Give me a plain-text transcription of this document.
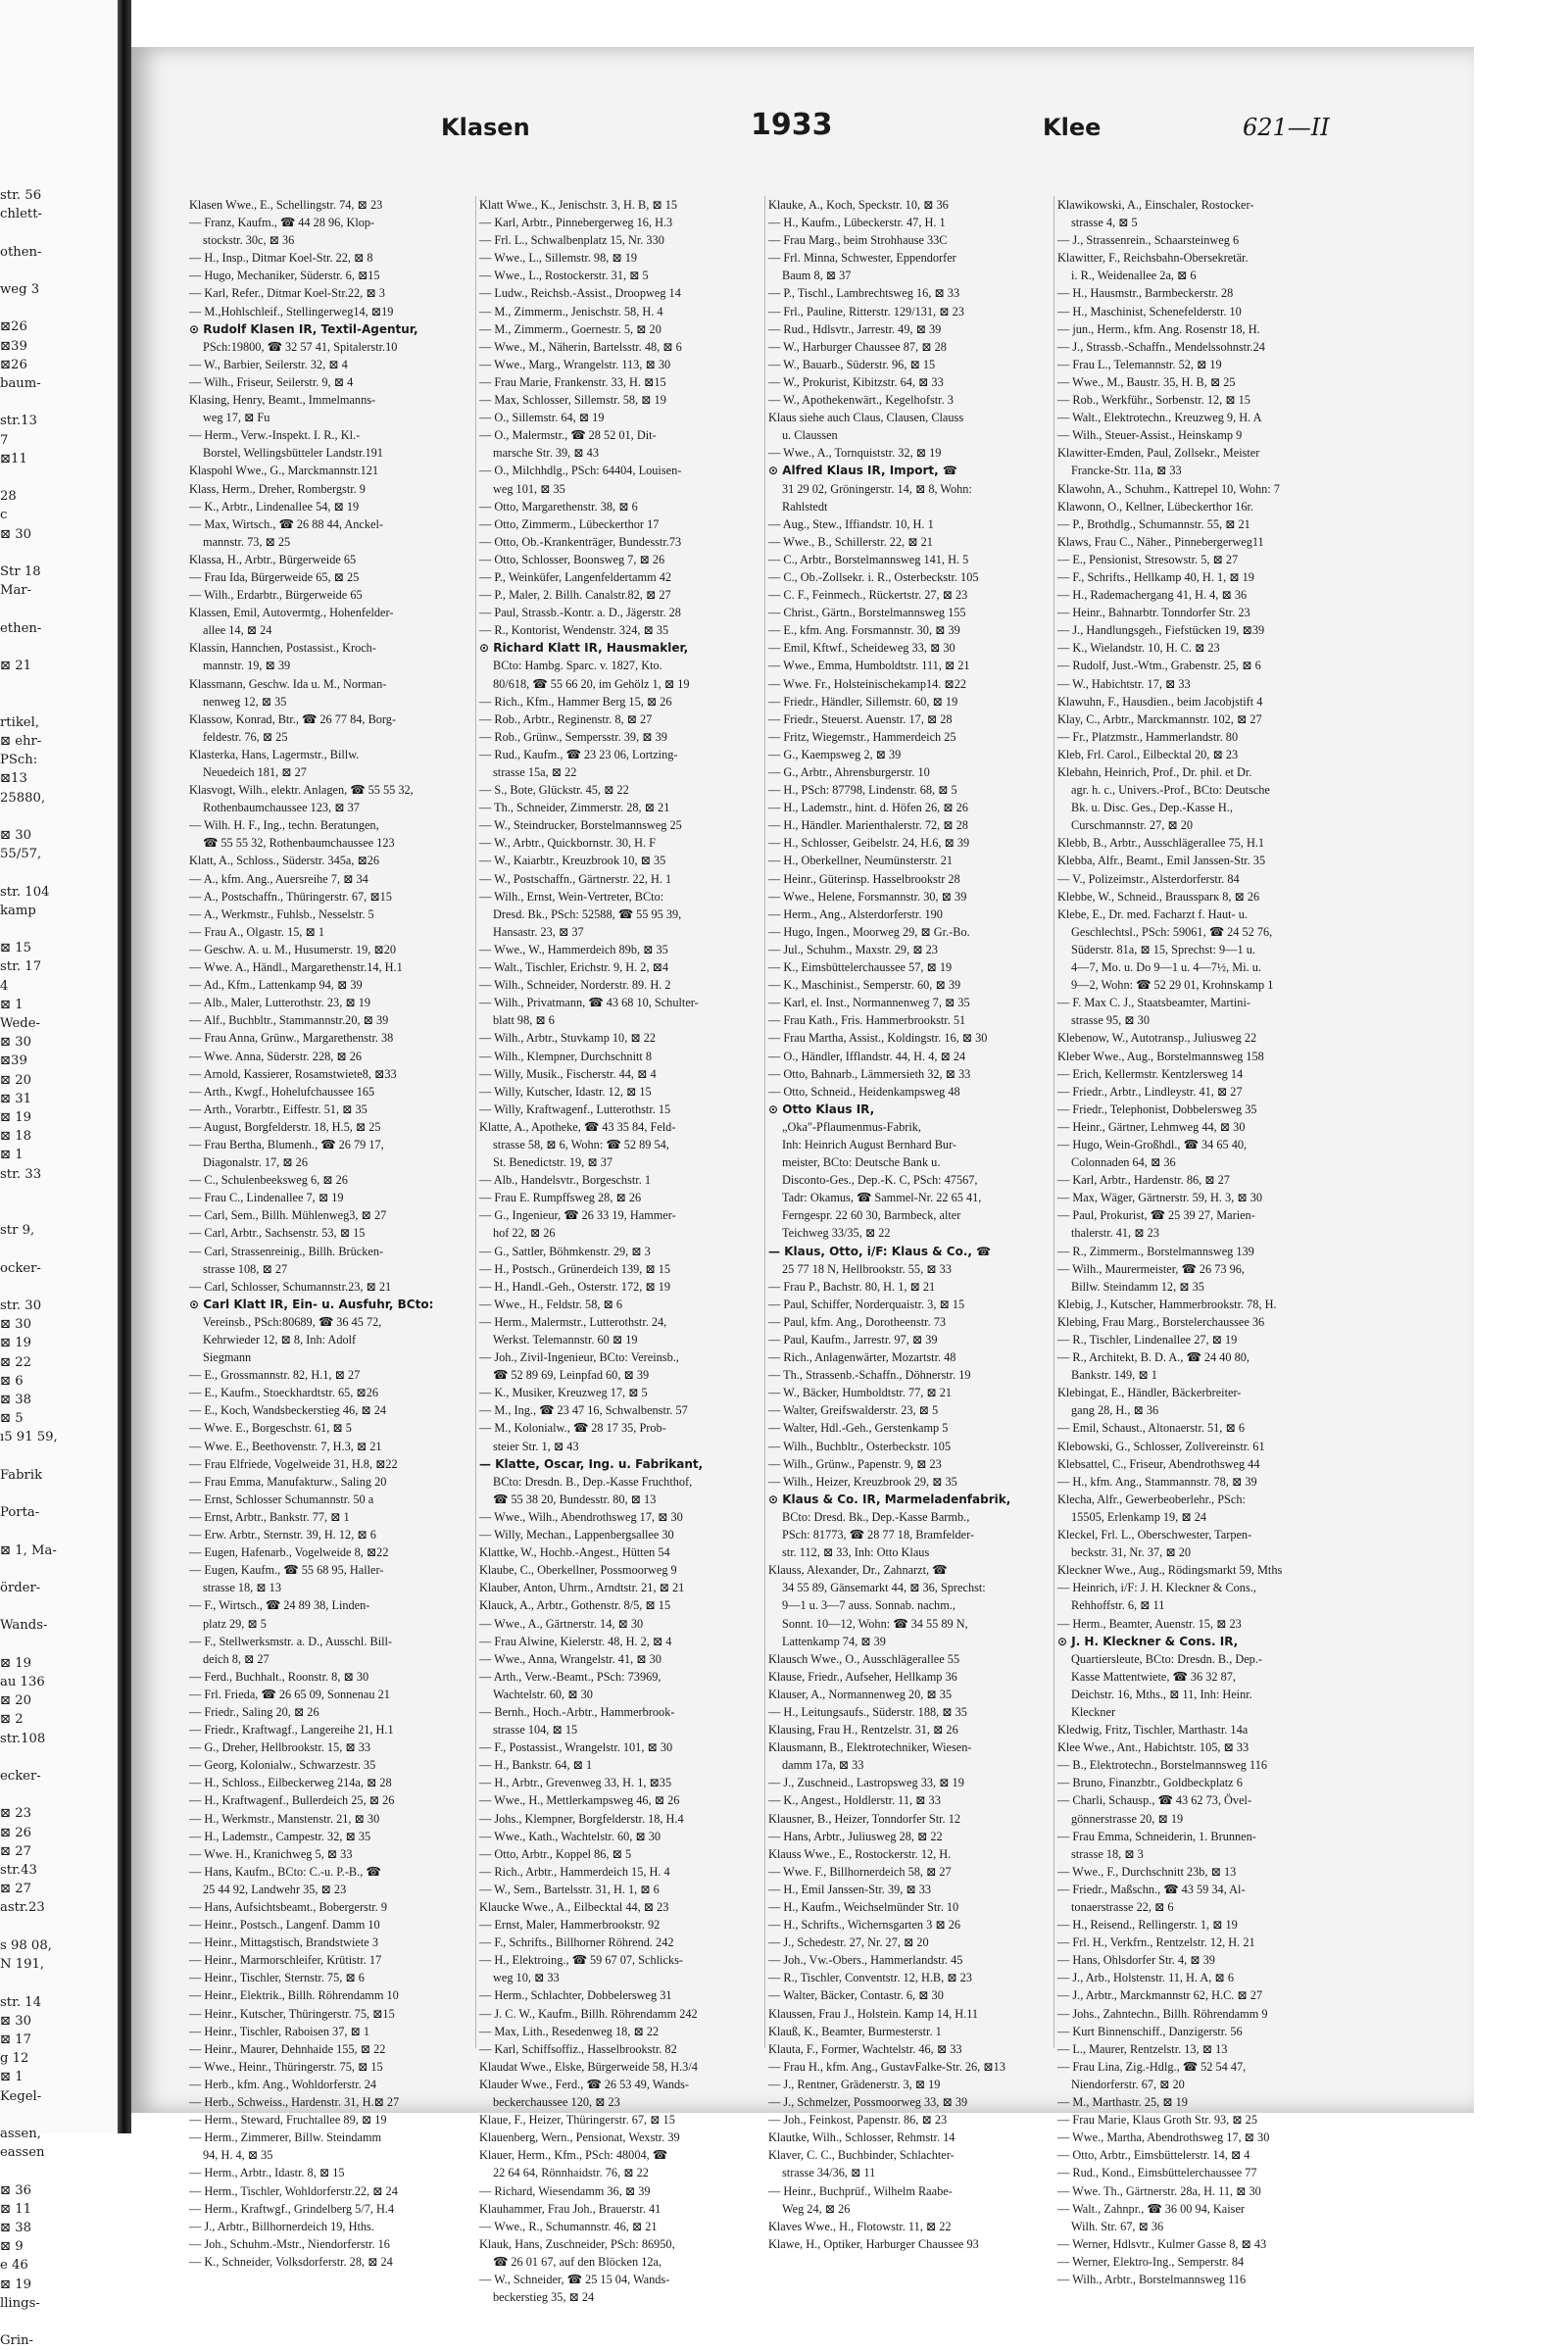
str. 56
chlett-

othen-

weg 3

⊠26
⊠39
⊠26
baum-

str.13
7
⊠11

28
c
⊠ 30

Str 18
Mar-

ethen-

⊠ 21

rtikel,
⊠ ehr-
PSch:
⊠13
25880,

⊠ 30
55/57,

str. 104
kamp

⊠ 15
str. 17
4
⊠ 1
Wede-
⊠ 30
⊠39
⊠ 20
⊠ 31
⊠ 19
⊠ 18
⊠ 1
str. 33

str 9,

ocker-

str. 30
⊠ 30
⊠ 19
⊠ 22
⊠ 6
⊠ 38
⊠ 5
ı5 91 59,

Fabrik

Porta-

⊠ 1, Ma-

örder-

Wands-

⊠ 19
au 136
⊠ 20
⊠ 2
str.108

ecker-

⊠ 23
⊠ 26
⊠ 27
str.43
⊠ 27
astr.23

s 98 08,
N 191,

str. 14
⊠ 30
⊠ 17
g 12
⊠ 1
Kegel-

assen,
eassen

⊠ 36
⊠ 11
⊠ 38
⊠ 9
e 46
⊠ 19
llings-

Grin-
Klasen	1933	Klee	621—II
Klasen Wwe., E., Schellingstr. 74, ⊠ 23
— Franz, Kaufm., ☎ 44 28 96, Klop-
stockstr. 30c, ⊠ 36
— H., Insp., Ditmar Koel-Str. 22, ⊠ 8
— Hugo, Mechaniker, Süderstr. 6, ⊠15
— Karl, Refer., Ditmar Koel-Str.22, ⊠ 3
— M.,Hohlschleif., Stellingerweg14, ⊠19
⊙ Rudolf Klasen IR, Textil-Agentur,
PSch:19800, ☎ 32 57 41, Spitalerstr.10
— W., Barbier, Seilerstr. 32, ⊠ 4
— Wilh., Friseur, Seilerstr. 9, ⊠ 4
Klasing, Henry, Beamt., Immelmanns-
weg 17, ⊠ Fu
— Herm., Verw.-Inspekt. I. R., Kl.-
Borstel, Wellingsbütteler Landstr.191
Klaspohl Wwe., G., Marckmannstr.121
Klass, Herm., Dreher, Rombergstr. 9
— K., Arbtr., Lindenallee 54, ⊠ 19
— Max, Wirtsch., ☎ 26 88 44, Anckel-
mannstr. 73, ⊠ 25
Klassa, H., Arbtr., Bürgerweide 65
— Frau Ida, Bürgerweide 65, ⊠ 25
— Wilh., Erdarbtr., Bürgerweide 65
Klassen, Emil, Autovermtg., Hohenfelder-
allee 14, ⊠ 24
Klassin, Hannchen, Postassist., Kroch-
mannstr. 19, ⊠ 39
Klassmann, Geschw. Ida u. M., Norman-
nenweg 12, ⊠ 35
Klassow, Konrad, Btr., ☎ 26 77 84, Borg-
feldestr. 76, ⊠ 25
Klasterka, Hans, Lagermstr., Billw.
Neuedeich 181, ⊠ 27
Klasvogt, Wilh., elektr. Anlagen, ☎ 55 55 32,
Rothenbaumchaussee 123, ⊠ 37
— Wilh. H. F., Ing., techn. Beratungen,
☎ 55 55 32, Rothenbaumchaussee 123
Klatt, A., Schloss., Süderstr. 345a, ⊠26
— A., kfm. Ang., Auersreihe 7, ⊠ 34
— A., Postschaffn., Thüringerstr. 67, ⊠15
— A., Werkmstr., Fuhlsb., Nesselstr. 5
— Frau A., Olgastr. 15, ⊠ 1
— Geschw. A. u. M., Husumerstr. 19, ⊠20
— Wwe. A., Händl., Margarethenstr.14, H.1
— Ad., Kfm., Lattenkamp 94, ⊠ 39
— Alb., Maler, Lutterothstr. 23, ⊠ 19
— Alf., Buchbltr., Stammannstr.20, ⊠ 39
— Frau Anna, Grünw., Margarethenstr. 38
— Wwe. Anna, Süderstr. 228, ⊠ 26
— Arnold, Kassierer, Rosamstwiete8, ⊠33
— Arth., Kwgf., Hohelufchaussee 165
— Arth., Vorarbtr., Eiffestr. 51, ⊠ 35
— August, Borgfelderstr. 18, H.5, ⊠ 25
— Frau Bertha, Blumenh., ☎ 26 79 17,
Diagonalstr. 17, ⊠ 26
— C., Schulenbeeksweg 6, ⊠ 26
— Frau C., Lindenallee 7, ⊠ 19
— Carl, Sem., Billh. Mühlenweg3, ⊠ 27
— Carl, Arbtr., Sachsenstr. 53, ⊠ 15
— Carl, Strassenreinig., Billh. Brücken-
strasse 108, ⊠ 27
— Carl, Schlosser, Schumannstr.23, ⊠ 21
⊙ Carl Klatt IR, Ein- u. Ausfuhr, BCto:
Vereinsb., PSch:80689, ☎ 36 45 72,
Kehrwieder 12, ⊠ 8, Inh: Adolf
Siegmann
— E., Grossmannstr. 82, H.1, ⊠ 27
— E., Kaufm., Stoeckhardtstr. 65, ⊠26
— E., Koch, Wandsbeckerstieg 46, ⊠ 24
— Wwe. E., Borgeschstr. 61, ⊠ 5
— Wwe. E., Beethovenstr. 7, H.3, ⊠ 21
— Frau Elfriede, Vogelweide 31, H.8, ⊠22
— Frau Emma, Manufakturw., Saling 20
— Ernst, Schlosser Schumannstr. 50 a
— Ernst, Arbtr., Bankstr. 77, ⊠ 1
— Erw. Arbtr., Sternstr. 39, H. 12, ⊠ 6
— Eugen, Hafenarb., Vogelweide 8, ⊠22
— Eugen, Kaufm., ☎ 55 68 95, Haller-
strasse 18, ⊠ 13
— F., Wirtsch., ☎ 24 89 38, Linden-
platz 29, ⊠ 5
— F., Stellwerksmstr. a. D., Ausschl. Bill-
deich 8, ⊠ 27
— Ferd., Buchhalt., Roonstr. 8, ⊠ 30
— Frl. Frieda, ☎ 26 65 09, Sonnenau 21
— Friedr., Saling 20, ⊠ 26
— Friedr., Kraftwagf., Langereihe 21, H.1
— G., Dreher, Hellbrookstr. 15, ⊠ 33
— Georg, Kolonialw., Schwarzestr. 35
— H., Schloss., Eilbeckerweg 214a, ⊠ 28
— H., Kraftwagenf., Bullerdeich 25, ⊠ 26
— H., Werkmstr., Manstenstr. 21, ⊠ 30
— H., Lademstr., Campestr. 32, ⊠ 35
— Wwe. H., Kranichweg 5, ⊠ 33
— Hans, Kaufm., BCto: C.-u. P.-B., ☎
25 44 92, Landwehr 35, ⊠ 23
— Hans, Aufsichtsbeamt., Bobergerstr. 9
— Heinr., Postsch., Langenf. Damm 10
— Heinr., Mittagstisch, Brandstwiete 3
— Heinr., Marmorschleifer, Krütistr. 17
— Heinr., Tischler, Sternstr. 75, ⊠ 6
— Heinr., Elektrik., Billh. Röhrendamm 10
— Heinr., Kutscher, Thüringerstr. 75, ⊠15
— Heinr., Tischler, Raboisen 37, ⊠ 1
— Heinr., Maurer, Dehnhaide 155, ⊠ 22
— Wwe., Heinr., Thüringerstr. 75, ⊠ 15
— Herb., kfm. Ang., Wohldorferstr. 24
— Herb., Schweiss., Hardenstr. 31, H.⊠ 27
— Herm., Steward, Fruchtallee 89, ⊠ 19
— Herm., Zimmerer, Billw. Steindamm
94, H. 4, ⊠ 35
— Herm., Arbtr., Idastr. 8, ⊠ 15
— Herm., Tischler, Wohldorferstr.22, ⊠ 24
— Herm., Kraftwgf., Grindelberg 5/7, H.4
— J., Arbtr., Billhornerdeich 19, Hths.
— Joh., Schuhm.-Mstr., Niendorferstr. 16
— K., Schneider, Volksdorferstr. 28, ⊠ 24
Klatt Wwe., K., Jenischstr. 3, H. B, ⊠ 15
— Karl, Arbtr., Pinnebergerweg 16, H.3
— Frl. L., Schwalbenplatz 15, Nr. 330
— Wwe., L., Sillemstr. 98, ⊠ 19
— Wwe., L., Rostockerstr. 31, ⊠ 5
— Ludw., Reichsb.-Assist., Droopweg 14
— M., Zimmerm., Jenischstr. 58, H. 4
— M., Zimmerm., Goernestr. 5, ⊠ 20
— Wwe., M., Näherin, Bartelsstr. 48, ⊠ 6
— Wwe., Marg., Wrangelstr. 113, ⊠ 30
— Frau Marie, Frankenstr. 33, H. ⊠15
— Max, Schlosser, Sillemstr. 58, ⊠ 19
— O., Sillemstr. 64, ⊠ 19
— O., Malermstr., ☎ 28 52 01, Dit-
marsche Str. 39, ⊠ 43
— O., Milchhdlg., PSch: 64404, Louisen-
weg 101, ⊠ 35
— Otto, Margarethenstr. 38, ⊠ 6
— Otto, Zimmerm., Lübeckerthor 17
— Otto, Ob.-Krankenträger, Bundesstr.73
— Otto, Schlosser, Boonsweg 7, ⊠ 26
— P., Weinküfer, Langenfeldertamm 42
— P., Maler, 2. Billh. Canalstr.82, ⊠ 27
— Paul, Strassb.-Kontr. a. D., Jägerstr. 28
— R., Kontorist, Wendenstr. 324, ⊠ 35
⊙ Richard Klatt IR, Hausmakler,
BCto: Hambg. Sparc. v. 1827, Kto.
80/618, ☎ 55 66 20, im Gehölz 1, ⊠ 19
— Rich., Kfm., Hammer Berg 15, ⊠ 26
— Rob., Arbtr., Reginenstr. 8, ⊠ 27
— Rob., Grünw., Sempersstr. 39, ⊠ 39
— Rud., Kaufm., ☎ 23 23 06, Lortzing-
strasse 15a, ⊠ 22
— S., Bote, Glückstr. 45, ⊠ 22
— Th., Schneider, Zimmerstr. 28, ⊠ 21
— W., Steindrucker, Borstelmannsweg 25
— W., Arbtr., Quickbornstr. 30, H. F
— W., Kaiarbtr., Kreuzbrook 10, ⊠ 35
— W., Postschaffn., Gärtnerstr. 22, H. 1
— Wilh., Ernst, Wein-Vertreter, BCto:
Dresd. Bk., PSch: 52588, ☎ 55 95 39,
Hansastr. 23, ⊠ 37
— Wwe., W., Hammerdeich 89b, ⊠ 35
— Walt., Tischler, Erichstr. 9, H. 2, ⊠4
— Wilh., Schneider, Norderstr. 89. H. 2
— Wilh., Privatmann, ☎ 43 68 10, Schulter-
blatt 98, ⊠ 6
— Wilh., Arbtr., Stuvkamp 10, ⊠ 22
— Wilh., Klempner, Durchschnitt 8
— Willy, Musik., Fischerstr. 44, ⊠ 4
— Willy, Kutscher, Idastr. 12, ⊠ 15
— Willy, Kraftwagenf., Lutterothstr. 15
Klatte, A., Apotheke, ☎ 43 35 84, Feld-
strasse 58, ⊠ 6, Wohn: ☎ 52 89 54,
St. Benedictstr. 19, ⊠ 37
— Alb., Handelsvtr., Borgeschstr. 1
— Frau E. Rumpffsweg 28, ⊠ 26
— G., Ingenieur, ☎ 26 33 19, Hammer-
hof 22, ⊠ 26
— G., Sattler, Böhmkenstr. 29, ⊠ 3
— H., Postsch., Grünerdeich 139, ⊠ 15
— H., Handl.-Geh., Osterstr. 172, ⊠ 19
— Wwe., H., Feldstr. 58, ⊠ 6
— Herm., Malermstr., Lutterothstr. 24,
Werkst. Telemannstr. 60 ⊠ 19
— Joh., Zivil-Ingenieur, BCto: Vereinsb.,
☎ 52 89 69, Leinpfad 60, ⊠ 39
— K., Musiker, Kreuzweg 17, ⊠ 5
— M., Ing., ☎ 23 47 16, Schwalbenstr. 57
— M., Kolonialw., ☎ 28 17 35, Prob-
steier Str. 1, ⊠ 43
— Klatte, Oscar, Ing. u. Fabrikant,
BCto: Dresdn. B., Dep.-Kasse Fruchthof,
☎ 55 38 20, Bundesstr. 80, ⊠ 13
— Wwe., Wilh., Abendrothsweg 17, ⊠ 30
— Willy, Mechan., Lappenbergsallee 30
Klattke, W., Hochb.-Angest., Hütten 54
Klaube, C., Oberkellner, Possmoorweg 9
Klauber, Anton, Uhrm., Arndtstr. 21, ⊠ 21
Klauck, A., Arbtr., Gothenstr. 8/5, ⊠ 15
— Wwe., A., Gärtnerstr. 14, ⊠ 30
— Frau Alwine, Kielerstr. 48, H. 2, ⊠ 4
— Wwe., Anna, Wrangelstr. 41, ⊠ 30
— Arth., Verw.-Beamt., PSch: 73969,
Wachtelstr. 60, ⊠ 30
— Bernh., Hoch.-Arbtr., Hammerbrook-
strasse 104, ⊠ 15
— F., Postassist., Wrangelstr. 101, ⊠ 30
— H., Bankstr. 64, ⊠ 1
— H., Arbtr., Grevenweg 33, H. 1, ⊠35
— Wwe., H., Mettlerkampsweg 46, ⊠ 26
— Johs., Klempner, Borgfelderstr. 18, H.4
— Wwe., Kath., Wachtelstr. 60, ⊠ 30
— Otto, Arbtr., Koppel 86, ⊠ 5
— Rich., Arbtr., Hammerdeich 15, H. 4
— W., Sem., Bartelsstr. 31, H. 1, ⊠ 6
Klaucke Wwe., A., Eilbecktal 44, ⊠ 23
— Ernst, Maler, Hammerbrookstr. 92
— F., Schrifts., Billhorner Röhrend. 242
— H., Elektroing., ☎ 59 67 07, Schlicks-
weg 10, ⊠ 33
— Herm., Schlachter, Dobbelersweg 31
— J. C. W., Kaufm., Billh. Röhrendamm 242
— Max, Lith., Resedenweg 18, ⊠ 22
— Karl, Schiffsoffiz., Hasselbrookstr. 82
Klaudat Wwe., Elske, Bürgerweide 58, H.3/4
Klauder Wwe., Ferd., ☎ 26 53 49, Wands-
beckerchaussee 120, ⊠ 23
Klaue, F., Heizer, Thüringerstr. 67, ⊠ 15
Klauenberg, Wern., Pensionat, Wexstr. 39
Klauer, Herm., Kfm., PSch: 48004, ☎
22 64 64, Rönnhaidstr. 76, ⊠ 22
— Richard, Wiesendamm 36, ⊠ 39
Klauhammer, Frau Joh., Brauerstr. 41
— Wwe., R., Schumannstr. 46, ⊠ 21
Klauk, Hans, Zuschneider, PSch: 86950,
☎ 26 01 67, auf den Blöcken 12a,
— W., Schneider, ☎ 25 15 04, Wands-
beckerstieg 35, ⊠ 24
Klauke, A., Koch, Speckstr. 10, ⊠ 36
— H., Kaufm., Lübeckerstr. 47, H. 1
— Frau Marg., beim Strohhause 33C
— Frl. Minna, Schwester, Eppendorfer
Baum 8, ⊠ 37
— P., Tischl., Lambrechtsweg 16, ⊠ 33
— Frl., Pauline, Ritterstr. 129/131, ⊠ 23
— Rud., Hdlsvtr., Jarrestr. 49, ⊠ 39
— W., Harburger Chaussee 87, ⊠ 28
— W., Bauarb., Süderstr. 96, ⊠ 15
— W., Prokurist, Kibitzstr. 64, ⊠ 33
— W., Apothekenwärt., Kegelhofstr. 3
Klaus siehe auch Claus, Clausen, Clauss
u. Claussen
— Wwe., A., Tornquiststr. 32, ⊠ 19
⊙ Alfred Klaus IR, Import, ☎
31 29 02, Gröningerstr. 14, ⊠ 8, Wohn:
Rahlstedt
— Aug., Stew., Iffiandstr. 10, H. 1
— Wwe., B., Schillerstr. 22, ⊠ 21
— C., Arbtr., Borstelmannsweg 141, H. 5
— C., Ob.-Zollsekr. i. R., Osterbeckstr. 105
— C. F., Feinmech., Rückertstr. 27, ⊠ 23
— Christ., Gärtn., Borstelmannsweg 155
— E., kfm. Ang. Forsmannstr. 30, ⊠ 39
— Emil, Kftwf., Scheideweg 33, ⊠ 30
— Wwe., Emma, Humboldtstr. 111, ⊠ 21
— Wwe. Fr., Holsteinischekamp14. ⊠22
— Friedr., Händler, Sillemstr. 60, ⊠ 19
— Friedr., Steuerst. Auenstr. 17, ⊠ 28
— Fritz, Wiegemstr., Hammerdeich 25
— G., Kaempsweg 2, ⊠ 39
— G., Arbtr., Ahrensburgerstr. 10
— H., PSch: 87798, Lindenstr. 68, ⊠ 5
— H., Lademstr., hint. d. Höfen 26, ⊠ 26
— H., Händler. Marienthalerstr. 72, ⊠ 28
— H., Schlosser, Geibelstr. 24, H.6, ⊠ 39
— H., Oberkellner, Neumünsterstr. 21
— Heinr., Güterinsp. Hasselbrookstr 28
— Wwe., Helene, Forsmannstr. 30, ⊠ 39
— Herm., Ang., Alsterdorferstr. 190
— Hugo, Ingen., Moorweg 29, ⊠ Gr.-Bo.
— Jul., Schuhm., Maxstr. 29, ⊠ 23
— K., Eimsbüttelerchaussee 57, ⊠ 19
— K., Maschinist., Semperstr. 60, ⊠ 39
— Karl, el. Inst., Normannenweg 7, ⊠ 35
— Frau Kath., Fris. Hammerbrookstr. 51
— Frau Martha, Assist., Koldingstr. 16, ⊠ 30
— O., Händler, Ifflandstr. 44, H. 4, ⊠ 24
— Otto, Bahnarb., Lämmersieth 32, ⊠ 33
— Otto, Schneid., Heidenkampsweg 48
⊙ Otto Klaus IR,
„Oka"-Pflaumenmus-Fabrik,
Inh: Heinrich August Bernhard Bur-
meister, BCto: Deutsche Bank u.
Disconto-Ges., Dep.-K. C, PSch: 47567,
Tadr: Okamus, ☎ Sammel-Nr. 22 65 41,
Ferngespr. 22 60 30, Barmbeck, alter
Teichweg 33/35, ⊠ 22
— Klaus, Otto, i/F: Klaus & Co., ☎
25 77 18 N, Hellbrookstr. 55, ⊠ 33
— Frau P., Bachstr. 80, H. 1, ⊠ 21
— Paul, Schiffer, Norderquaistr. 3, ⊠ 15
— Paul, kfm. Ang., Dorotheenstr. 73
— Paul, Kaufm., Jarrestr. 97, ⊠ 39
— Rich., Anlagenwärter, Mozartstr. 48
— Th., Strassenb.-Schaffn., Döhnerstr. 19
— W., Bäcker, Humboldtstr. 77, ⊠ 21
— Walter, Greifswalderstr. 23, ⊠ 5
— Walter, Hdl.-Geh., Gerstenkamp 5
— Wilh., Buchbltr., Osterbeckstr. 105
— Wilh., Grünw., Papenstr. 9, ⊠ 23
— Wilh., Heizer, Kreuzbrook 29, ⊠ 35
⊙ Klaus & Co. IR, Marmeladenfabrik,
BCto: Dresd. Bk., Dep.-Kasse Barmb.,
PSch: 81773, ☎ 28 77 18, Bramfelder-
str. 112, ⊠ 33, Inh: Otto Klaus
Klauss, Alexander, Dr., Zahnarzt, ☎
34 55 89, Gänsemarkt 44, ⊠ 36, Sprechst:
9—1 u. 3—7 auss. Sonnab. nachm.,
Sonnt. 10—12, Wohn: ☎ 34 55 89 N,
Lattenkamp 74, ⊠ 39
Klausch Wwe., O., Ausschlägerallee 55
Klause, Friedr., Aufseher, Hellkamp 36
Klauser, A., Normannenweg 20, ⊠ 35
— H., Leitungsaufs., Süderstr. 188, ⊠ 35
Klausing, Frau H., Rentzelstr. 31, ⊠ 26
Klausmann, B., Elektrotechniker, Wiesen-
damm 17a, ⊠ 33
— J., Zuschneid., Lastropsweg 33, ⊠ 19
— K., Angest., Holdlerstr. 11, ⊠ 33
Klausner, B., Heizer, Tonndorfer Str. 12
— Hans, Arbtr., Juliusweg 28, ⊠ 22
Klauss Wwe., E., Rostockerstr. 12, H.
— Wwe. F., Billhornerdeich 58, ⊠ 27
— H., Emil Janssen-Str. 39, ⊠ 33
— H., Kaufm., Weichselmünder Str. 10
— H., Schrifts., Wichernsgarten 3 ⊠ 26
— J., Schedestr. 27, Nr. 27, ⊠ 20
— Joh., Vw.-Obers., Hammerlandstr. 45
— R., Tischler, Conventstr. 12, H.B, ⊠ 23
— Walter, Bäcker, Contastr. 6, ⊠ 30
Klaussen, Frau J., Holstein. Kamp 14, H.11
Klauß, K., Beamter, Burmesterstr. 1
Klauta, F., Former, Wachtelstr. 46, ⊠ 33
— Frau H., kfm. Ang., GustavFalke-Str. 26, ⊠13
— J., Rentner, Grädenerstr. 3, ⊠ 19
— J., Schmelzer, Possmoorweg 33, ⊠ 39
— Joh., Feinkost, Papenstr. 86, ⊠ 23
Klautke, Wilh., Schlosser, Rehmstr. 14
Klaver, C. C., Buchbinder, Schlachter-
strasse 34/36, ⊠ 11
— Heinr., Buchprüf., Wilhelm Raabe-
Weg 24, ⊠ 26
Klaves Wwe., H., Flotowstr. 11, ⊠ 22
Klawe, H., Optiker, Harburger Chaussee 93
Klawikowski, A., Einschaler, Rostocker-
strasse 4, ⊠ 5
— J., Strassenrein., Schaarsteinweg 6
Klawitter, F., Reichsbahn-Obersekretär.
i. R., Weidenallee 2a, ⊠ 6
— H., Hausmstr., Barmbeckerstr. 28
— H., Maschinist, Schenefelderstr. 10
— jun., Herm., kfm. Ang. Rosenstr 18, H.
— J., Strassb.-Schaffn., Mendelssohnstr.24
— Frau L., Telemannstr. 52, ⊠ 19
— Wwe., M., Baustr. 35, H. B, ⊠ 25
— Rob., Werkführ., Sorbenstr. 12, ⊠ 15
— Walt., Elektrotechn., Kreuzweg 9, H. A
— Wilh., Steuer-Assist., Heinskamp 9
Klawitter-Emden, Paul, Zollsekr., Meister
Francke-Str. 11a, ⊠ 33
Klawohn, A., Schuhm., Kattrepel 10, Wohn: 7
Klawonn, O., Kellner, Lübeckerthor 16r.
— P., Brothdlg., Schumannstr. 55, ⊠ 21
Klaws, Frau C., Näher., Pinnebergerweg11
— E., Pensionist, Stresowstr. 5, ⊠ 27
— F., Schrifts., Hellkamp 40, H. 1, ⊠ 19
— H., Rademachergang 41, H. 4, ⊠ 36
— Heinr., Bahnarbtr. Tonndorfer Str. 23
— J., Handlungsgeh., Fiefstücken 19, ⊠39
— K., Wielandstr. 10, H. C. ⊠ 23
— Rudolf, Just.-Wtm., Grabenstr. 25, ⊠ 6
— W., Habichtstr. 17, ⊠ 33
Klawuhn, F., Hausdien., beim Jacobjstift 4
Klay, C., Arbtr., Marckmannstr. 102, ⊠ 27
— Fr., Platzmstr., Hammerlandstr. 80
Kleb, Frl. Carol., Eilbecktal 20, ⊠ 23
Klebahn, Heinrich, Prof., Dr. phil. et Dr.
agr. h. c., Univers.-Prof., BCto: Deutsche
Bk. u. Disc. Ges., Dep.-Kasse H.,
Curschmannstr. 27, ⊠ 20
Klebb, B., Arbtr., Ausschlägerallee 75, H.1
Klebba, Alfr., Beamt., Emil Janssen-Str. 35
— V., Polizeimstr., Alsterdorferstr. 84
Klebbe, W., Schneid., Braussparк 8, ⊠ 26
Klebe, E., Dr. med. Facharzt f. Haut- u.
Geschlechtsl., PSch: 59061, ☎ 24 52 76,
Süderstr. 81a, ⊠ 15, Sprechst: 9—1 u.
4—7, Mo. u. Do 9—1 u. 4—7½, Mi. u.
9—2, Wohn: ☎ 52 29 01, Krohnskamp 1
— F. Max C. J., Staatsbeamter, Martini-
strasse 95, ⊠ 30
Klebenow, W., Autotransp., Juliusweg 22
Kleber Wwe., Aug., Borstelmannsweg 158
— Erich, Kellermstr. Kentzlersweg 14
— Friedr., Arbtr., Lindleystr. 41, ⊠ 27
— Friedr., Telephonist, Dobbelersweg 35
— Heinr., Gärtner, Lehmweg 44, ⊠ 30
— Hugo, Wein-Großhdl., ☎ 34 65 40,
Colonnaden 64, ⊠ 36
— Karl, Arbtr., Hardenstr. 86, ⊠ 27
— Max, Wäger, Gärtnerstr. 59, H. 3, ⊠ 30
— Paul, Prokurist, ☎ 25 39 27, Marien-
thalerstr. 41, ⊠ 23
— R., Zimmerm., Borstelmannsweg 139
— Wilh., Maurermeister, ☎ 26 73 96,
Billw. Steindamm 12, ⊠ 35
Klebig, J., Kutscher, Hammerbrookstr. 78, H.
Klebing, Frau Marg., Borstelerchaussee 36
— R., Tischler, Lindenallee 27, ⊠ 19
— R., Architekt, B. D. A., ☎ 24 40 80,
Bankstr. 149, ⊠ 1
Klebingat, E., Händler, Bäckerbreiter-
gang 28, H., ⊠ 36
— Emil, Schaust., Altonaerstr. 51, ⊠ 6
Klebowski, G., Schlosser, Zollvereinstr. 61
Klebsattel, C., Friseur, Abendrothsweg 44
— H., kfm. Ang., Stammannstr. 78, ⊠ 39
Klecha, Alfr., Gewerbeoberlehr., PSch:
15505, Erlenkamp 19, ⊠ 24
Kleckel, Frl. L., Oberschwester, Tarpen-
beckstr. 31, Nr. 37, ⊠ 20
Kleckner Wwe., Aug., Rödingsmarkt 59, Mths
— Heinrich, i/F: J. H. Kleckner & Cons.,
Rehhoffstr. 6, ⊠ 11
— Herm., Beamter, Auenstr. 15, ⊠ 23
⊙ J. H. Kleckner & Cons. IR,
Quartiersleute, BCto: Dresdn. B., Dep.-
Kasse Mattentwiete, ☎ 36 32 87,
Deichstr. 16, Mths., ⊠ 11, Inh: Heinr.
Kleckner
Kledwig, Fritz, Tischler, Marthastr. 14a
Klee Wwe., Ant., Habichtstr. 105, ⊠ 33
— B., Elektrotechn., Borstelmannsweg 116
— Bruno, Finanzbtr., Goldbeckplatz 6
— Charli, Schausp., ☎ 43 62 73, Övel-
gönnerstrasse 20, ⊠ 19
— Frau Emma, Schneiderin, 1. Brunnen-
strasse 18, ⊠ 3
— Wwe., F., Durchschnitt 23b, ⊠ 13
— Friedr., Maßschn., ☎ 43 59 34, Al-
tonaerstrasse 22, ⊠ 6
— H., Reisend., Rellingerstr. 1, ⊠ 19
— Frl. H., Verkfrn., Rentzelstr. 12, H. 21
— Hans, Ohlsdorfer Str. 4, ⊠ 39
— J., Arb., Holstenstr. 11, H. A, ⊠ 6
— J., Arbtr., Marckmannstr 62, H.C. ⊠ 27
— Johs., Zahntechn., Billh. Röhrendamm 9
— Kurt Binnenschiff., Danzigerstr. 56
— L., Maurer, Rentzelstr. 13, ⊠ 13
— Frau Lina, Zig.-Hdlg., ☎ 52 54 47,
Niendorferstr. 67, ⊠ 20
— M., Marthastr. 25, ⊠ 19
— Frau Marie, Klaus Groth Str. 93, ⊠ 25
— Wwe., Martha, Abendrothsweg 17, ⊠ 30
— Otto, Arbtr., Eimsbüttelerstr. 14, ⊠ 4
— Rud., Kond., Eimsbüttelerchaussee 77
— Wwe. Th., Gärtnerstr. 28a, H. 11, ⊠ 30
— Walt., Zahnpr., ☎ 36 00 94, Kaiser
Wilh. Str. 67, ⊠ 36
— Werner, Hdlsvtr., Kulmer Gasse 8, ⊠ 43
— Werner, Elektro-Ing., Semperstr. 84
— Wilh., Arbtr., Borstelmannsweg 116
